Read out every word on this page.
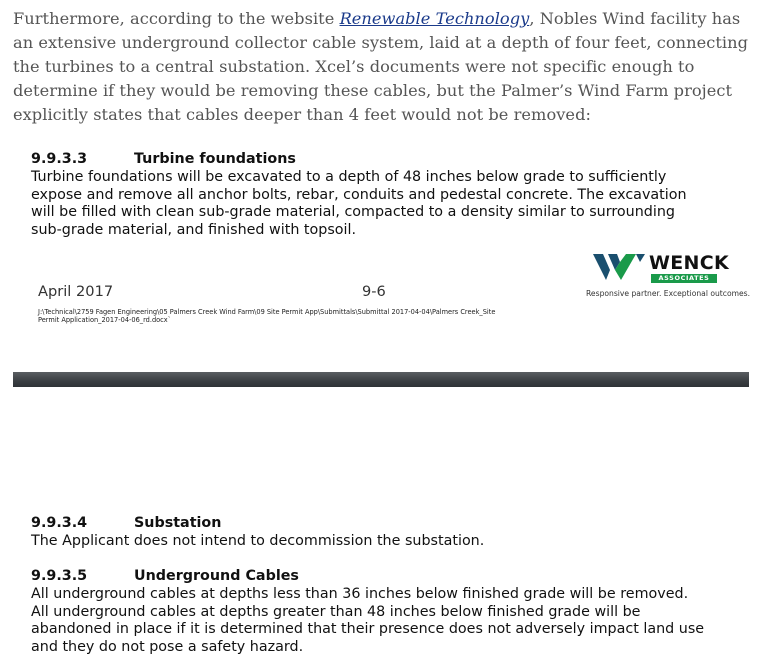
Furthermore, according to the website Renewable Technology, Nobles Wind facility has an extensive underground collector cable system, laid at a depth of four feet, connecting the turbines to a central substation. Xcel’s documents were not specific enough to determine if they would be removing these cables, but the Palmer’s Wind Farm project explicitly states that cables deeper than 4 feet would not be removed:
9.9.3.3	Turbine foundations
Turbine foundations will be excavated to a depth of 48 inches below grade to sufficiently
expose and remove all anchor bolts, rebar, conduits and pedestal concrete. The excavation
will be filled with clean sub-grade material, compacted to a density similar to surrounding
sub-grade material, and finished with topsoil.
WENCK
ASSOCIATES
Responsive partner. Exceptional outcomes.
April 2017	9-6
J:\Technical\2759 Fagen Engineering\05 Palmers Creek Wind Farm\09 Site Permit App\Submittals\Submittal 2017-04-04\Palmers Creek_Site Permit Application_2017-04-06_rd.docx`
9.9.3.4	Substation
The Applicant does not intend to decommission the substation.
9.9.3.5	Underground Cables
All underground cables at depths less than 36 inches below finished grade will be removed.
All underground cables at depths greater than 48 inches below finished grade will be
abandoned in place if it is determined that their presence does not adversely impact land use
and they do not pose a safety hazard.
